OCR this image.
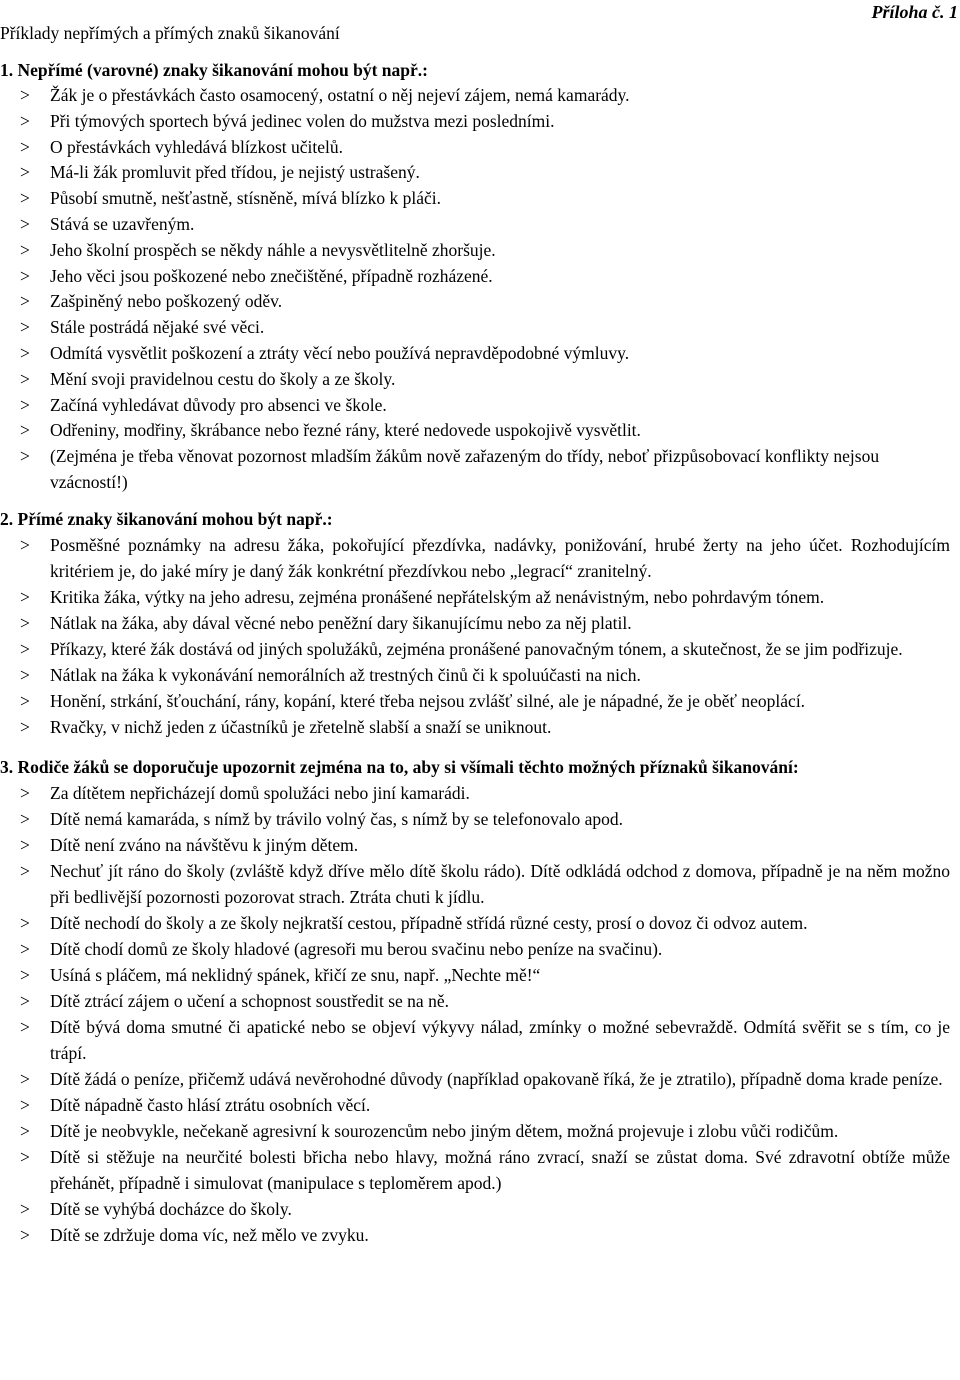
Příklady nepřímých a přímých znaků šikanování
Příloha č. 1
1. Nepřímé (varovné) znaky šikanování mohou být např.:
> Žák je o přestávkách často osamocený, ostatní o něj nejeví zájem, nemá kamarády.
> Při týmových sportech bývá jedinec volen do mužstva mezi posledními.
> O přestávkách vyhledává blízkost učitelů.
> Má-li žák promluvit před třídou, je nejistý ustrašený.
> Působí smutně, nešťastně, stísněně, mívá blízko k pláči.
> Stává se uzavřeným.
> Jeho školní prospěch se někdy náhle a nevysvětlitelně zhoršuje.
> Jeho věci jsou poškozené nebo znečištěné, případně rozházené.
> Zašpiněný nebo poškozený oděv.
> Stále postrádá nějaké své věci.
> Odmítá vysvětlit poškození a ztráty věcí nebo používá nepravděpodobné výmluvy.
> Mění svoji pravidelnou cestu do školy a ze školy.
> Začíná vyhledávat důvody pro absenci ve škole.
> Odřeniny, modřiny, škrábance nebo řezné rány, které nedovede uspokojivě vysvětlit.
> (Zejména je třeba věnovat pozornost mladším žákům nově zařazeným do třídy, neboť přizpůsobovací konflikty nejsou vzácností!)
2. Přímé znaky šikanování mohou být např.:
> Posměšné poznámky na adresu žáka, pokořující přezdívka, nadávky, ponižování, hrubé žerty na jeho účet. Rozhodujícím kritériem je, do jaké míry je daný žák konkrétní přezdívkou nebo „legrací“ zranitelný.
> Kritika žáka, výtky na jeho adresu, zejména pronášené nepřátelským až nenávistným, nebo pohrdavým tónem.
> Nátlak na žáka, aby dával věcné nebo peněžní dary šikanujícímu nebo za něj platil.
> Příkazy, které žák dostává od jiných spolužáků, zejména pronášené panovačným tónem, a skutečnost, že se jim podřizuje.
> Nátlak na žáka k vykonávání nemorálních až trestných činů či k spoluúčasti na nich.
> Honění, strkání, šťouchání, rány, kopání, které třeba nejsou zvlášť silné, ale je nápadné, že je oběť neoplácí.
> Rvačky, v nichž jeden z účastníků je zřetelně slabší a snaží se uniknout.
3. Rodiče žáků se doporučuje upozornit zejména na to, aby si všímali těchto možných příznaků šikanování:
> Za dítětem nepřicházejí domů spolužáci nebo jiní kamarádi.
> Dítě nemá kamaráda, s nímž by trávilo volný čas, s nímž by se telefonovalo apod.
> Dítě není zváno na návštěvu k jiným dětem.
> Nechuť jít ráno do školy (zvláště když dříve mělo dítě školu rádo). Dítě odkládá odchod z domova, případně je na něm možno při bedlivější pozornosti pozorovat strach. Ztráta chuti k jídlu.
> Dítě nechodí do školy a ze školy nejkratší cestou, případně střídá různé cesty, prosí o dovoz či odvoz autem.
> Dítě chodí domů ze školy hladové (agresoři mu berou svačinu nebo peníze na svačinu).
> Usíná s pláčem, má neklidný spánek, křičí ze snu, např. „Nechte mě!“
> Dítě ztrácí zájem o učení a schopnost soustředit se na ně.
> Dítě bývá doma smutné či apatické nebo se objeví výkyvy nálad, zmínky o možné sebevraždě. Odmítá svěřit se s tím, co je trápí.
> Dítě žádá o peníze, přičemž udává nevěrohodné důvody (například opakovaně říká, že je ztratilo), případně doma krade peníze.
> Dítě nápadně často hlásí ztrátu osobních věcí.
> Dítě je neobvykle, nečekaně agresivní k sourozencům nebo jiným dětem, možná projevuje i zlobu vůči rodičům.
> Dítě si stěžuje na neurčité bolesti břicha nebo hlavy, možná ráno zvrací, snaží se zůstat doma. Své zdravotní obtíže může přehánět, případně i simulovat (manipulace s teploměrem apod.)
> Dítě se vyhýbá docházce do školy.
> Dítě se zdržuje doma víc, než mělo ve zvyku.
